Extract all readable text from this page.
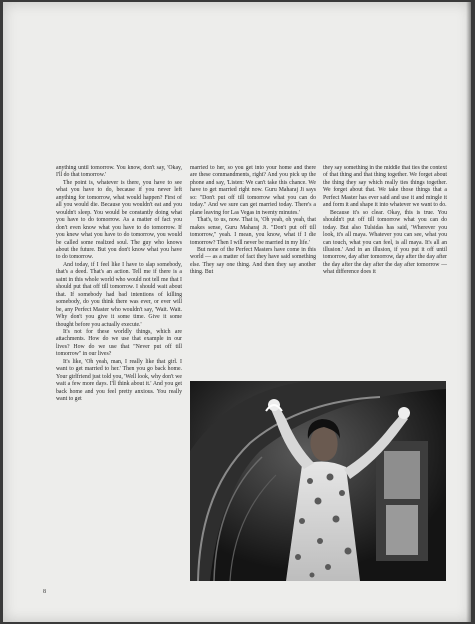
anything until tomorrow. You know, don't say, 'Okay, I'll do that tomorrow.'

The point is, whatever is there, you have to see what you have to do, because if you never left anything for tomorrow, what would happen? First of all you would die. Because you wouldn't eat and you wouldn't sleep. You would be constantly doing what you have to do tomorrow. As a matter of fact you don't even know what you have to do tomorrow. If you knew what you have to do tomorrow, you would be called some realized soul. The guy who knows about the future. But you don't know what you have to do tomorrow.

And today, if I feel like I have to slap somebody, that's a deed. That's an action. Tell me if there is a saint in this whole world who would not tell me that I should put that off till tomorrow. I should wait about that. If somebody had bad intentions of killing somebody, do you think there was ever, or ever will be, any Perfect Master who wouldn't say, 'Wait. Wait. Why don't you give it some time. Give it some thought before you actually execute.'

It's not for these worldly things, which are attachments. How do we use that example in our lives? How do we use that "Never put off till tomorrow" in our lives?

It's like, 'Oh yeah, man, I really like that girl. I want to get married to her.' Then you go back home. Your girlfriend just told you, 'Well look, why don't we wait a few more days. I'll think about it.' And you get back home and you feel pretty anxious. You really want to get

married to her, so you get into your home and there are these commandments, right? And you pick up the phone and say, 'Listen: We can't take this chance. We have to get married right now. Guru Maharaj Ji says so: "Don't put off till tomorrow what you can do today." And we sure can get married today. There's a plane leaving for Las Vegas in twenty minutes.'

That's, to us, now. That is, 'Oh yeah, oh yeah, that makes sense, Guru Maharaj Ji. "Don't put off till tomorrow," yeah. I mean, you know, what if I die tomorrow? Then I will never be married in my life.'

But none of the Perfect Masters have come in this world — as a matter of fact they have said something else. They say one thing. And then they say another thing. But

they say something in the middle that ties the context of that thing and that thing together. We forget about the thing they say which really ties things together. We forget about that. We take those things that a Perfect Master has ever said and use it and mingle it and form it and shape it into whatever we want to do.

Because it's so clear. Okay, this is true. You shouldn't put off till tomorrow what you can do today. But also Tulsidas has said, 'Wherever you look, it's all maya. Whatever you can see, what you can touch, what you can feel, is all maya. It's all an illusion.' And in an illusion, if you put it off until tomorrow, day after tomorrow, day after the day after the day after the day after the day after tomorrow — what difference does it

8
